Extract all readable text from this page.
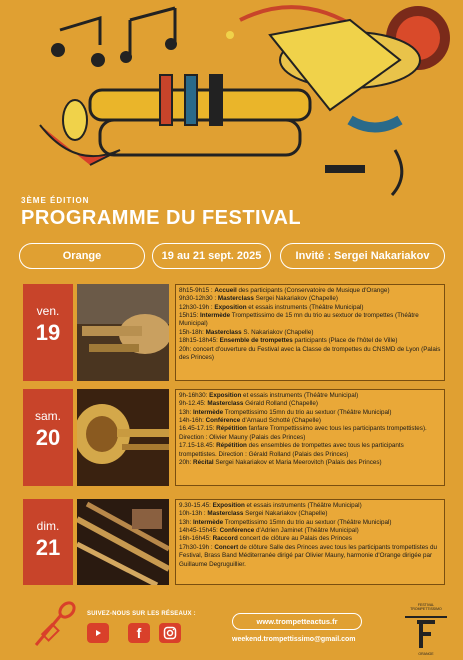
3ÈME ÉDITION
PROGRAMME DU FESTIVAL
Orange	19 au 21 sept. 2025	Invité : Sergei Nakariakov
ven.
19

8h15-9h15 : Accueil des participants (Conservatoire de Musique d'Orange)

9h30-12h30 : Masterclass Sergei Nakariakov (Chapelle)

12h30-19h : Exposition et essais instruments (Théâtre Municipal)

15h15: Intermède Trompettissimo de 15 mn du trio au sextuor de trompettes (Théâtre Municipal)

15h-18h: Masterclass S. Nakariakov (Chapelle)

18h15-18h45: Ensemble de trompettes participants (Place de l'hôtel de Ville)

20h: concert d'ouverture du Festival avec la Classe de trompettes du CNSMD de Lyon (Palais des Princes)

sam.
20

9h-16h30: Exposition et essais instruments (Théâtre Municipal)

9h-12.45: Masterclass Gérald Rolland (Chapelle)

13h: Intermède Trompettissimo 15mn du trio au sextuor (Théâtre Municipal)

14h-16h: Conférence d'Arnaud Schotté (Chapelle)

16.45-17.15: Répétition fanfare Trompettissimo avec tous les participants trompettistes). Direction : Olivier Mauny (Palais des Princes)

17.15-18.45: Répétition des ensembles de trompettes avec tous les participants trompettistes. Direction : Gérald Rolland (Palais des Princes)

20h: Récital Sergei Nakariakov et Maria Meerovitch (Palais des Princes)

dim.
21

9.30-15.45: Exposition et essais instruments (Théâtre Municipal)

10h-13h : Masterclass Sergei Nakariakov (Chapelle)

13h: Intermède Trompettissimo 15mn du trio au sextuor (Théâtre Municipal)

14h45-15h45: Conférence d'Adrien Jaminet (Théâtre Municipal)

16h-16h45: Raccord concert de clôture au Palais des Princes

17h30-19h : Concert de clôture Salle des Princes avec tous les participants trompettistes du Festival, Brass Band Méditerranée dirigé par Olivier Mauny, harmonie d'Orange dirigée par Guillaume Degruguillier.

SUIVEZ-NOUS SUR LES RÉSEAUX :
f
www.trompetteactus.fr
weekend.trompettissimo@gmail.com
FESTIVAL TROMPETTISSIMO
ORANGE
